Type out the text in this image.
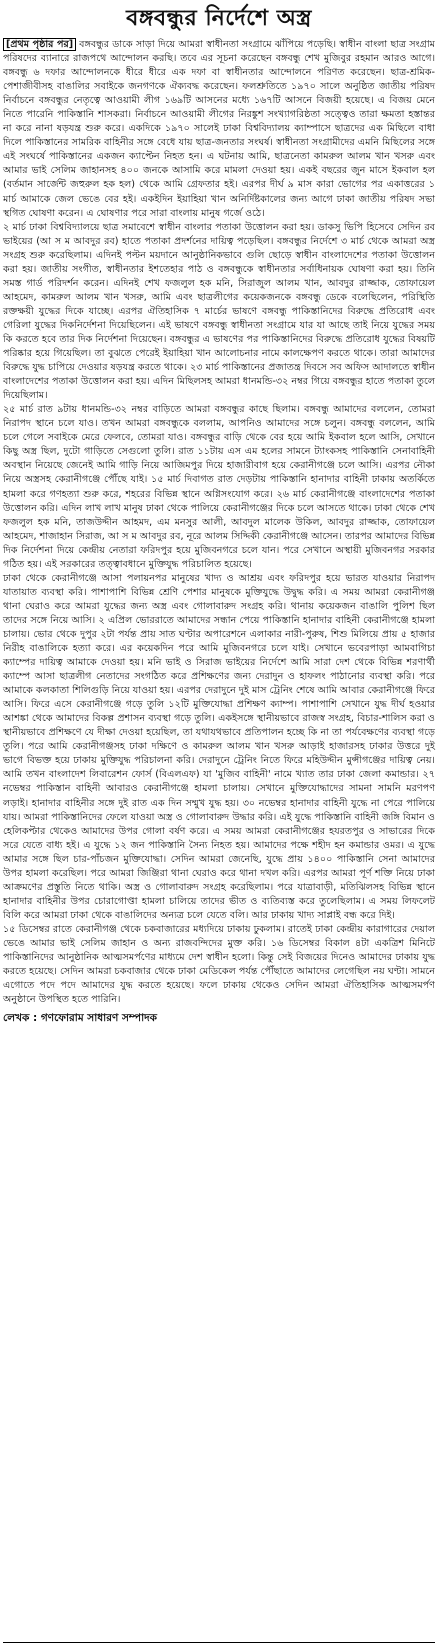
বঙ্গবন্ধুর নির্দেশে অস্ত্র

[প্রথম পৃষ্ঠার পর] বঙ্গবন্ধুর ডাকে সাড়া দিয়ে আমরা স্বাধীনতা সংগ্রামে ঝাঁপিয়ে পড়েছি। স্বাধীন বাংলা ছাত্র সংগ্রাম পরিষদের ব্যানারে রাজপথে আন্দোলন করছি। তবে এর সূচনা করেছেন বঙ্গবন্ধু শেখ মুজিবুর রহমান আরও আগে। বঙ্গবন্ধু ৬ দফার আন্দোলনকে ধীরে ধীরে এক দফা বা স্বাধীনতার আন্দোলনে পরিণত করেছেন। ছাত্র-শ্রমিক-পেশাজীবীসহ বাঙালির সবাইকে জনগণকে ঐক্যবদ্ধ করেছেন। ফলশ্রুতিতে ১৯৭০ সালে অনুষ্ঠিত জাতীয় পরিষদ নির্বাচনে বঙ্গবন্ধুর নেতৃত্বে আওয়ামী লীগ ১৬৯টি আসনের মধ্যে ১৬৭টি আসনে বিজয়ী হয়েছে। এ বিজয় মেনে নিতে পারেনি পাকিস্তানি শাসকরা। নির্বাচনে আওয়ামী লীগের নিরঙ্কুশ সংখ্যাগরিষ্ঠতা সত্ত্বেও তারা ক্ষমতা হস্তান্তর না করে নানা ষড়যন্ত্র শুরু করে। একদিকে ১৯৭০ সালেই ঢাকা বিশ্ববিদ্যালয় ক্যাম্পাসে ছাত্রদের এক মিছিলে বাধা দিলে পাকিস্তানের সামরিক বাহিনীর সঙ্গে বেধে যায় ছাত্র-জনতার সংঘর্ষ। স্বাধীনতা সংগ্রামীদের এমনি মিছিলের সঙ্গে এই সংঘর্ষে পাকিস্তানের একজন ক্যাপ্টেন নিহত হন। এ ঘটনায় আমি, ছাত্রনেতা কামরুল আলম খান খসরু এবং আমার ভাই সেলিম জাহানসহ ৪০০ জনকে আসামি করে মামলা দেওয়া হয়। একই বছরের জুন মাসে ইকবাল হল (বর্তমান সার্জেন্ট জহুরুল হক হল) থেকে আমি গ্রেফতার হই। এরপর দীর্ঘ ৯ মাস কারা ভোগের পর একাত্তরের ১ মার্চ আমাকে জেল ভেঙে বের হই। একইদিন ইয়াহিয়া খান অনির্দিষ্টকালের জন্য আগে ঢাকা জাতীয় পরিষদ সভা স্থগিত ঘোষণা করেন। এ ঘোষণার পরে সারা বাংলায় মানুষ গর্জে ওঠে।

২ মার্চ ঢাকা বিশ্ববিদ্যালয়ে ছাত্র সমাবেশে স্বাধীন বাংলার পতাকা উত্তোলন করা হয়। ডাকসু ভিপি হিসেবে সেদিন রব ভাইয়ের (আ স ম আবদুর রব) হাতে পতাকা প্রদর্শনের দায়িত্ব পড়েছিল। বঙ্গবন্ধুর নির্দেশে ৩ মার্চ থেকে আমরা অস্ত্র সংগ্রহ শুরু করেছিলাম। এদিনই পল্টন ময়দানে আনুষ্ঠানিকভাবে গুলি ছোড়ে স্বাধীন বাংলাদেশের পতাকা উত্তোলন করা হয়। জাতীয় সংগীত, স্বাধীনতার ইশতেহার পাঠ ও বঙ্গবন্ধুকে স্বাধীনতার সর্বাধিনায়ক ঘোষণা করা হয়। তিনি সমস্ত গার্ড পরিদর্শন করেন। এদিনই শেখ ফজলুল হক মনি, সিরাজুল আলম খান, আবদুর রাজ্জাক, তোফায়েল আহমেদ, কামরুল আলম খান খসরু, আমি এবং ছাত্রলীগের কয়েকজনকে বঙ্গবন্ধু ডেকে বলেছিলেন, পরিস্থিতি রক্তক্ষয়ী যুদ্ধের দিকে যাচ্ছে। এরপর ঐতিহাসিক ৭ মার্চের ভাষণে বঙ্গবন্ধু পাকিস্তানিদের বিরুদ্ধে প্রতিরোধ এবং গেরিলা যুদ্ধের দিকনির্দেশনা দিয়েছিলেন। এই ভাষণে বঙ্গবন্ধু স্বাধীনতা সংগ্রামে যার যা আছে তাই নিয়ে যুদ্ধের সময় কি করতে হবে তার দিক নির্দেশনা দিয়েছেন। বঙ্গবন্ধুর এ ভাষণের পর পাকিস্তানিদের বিরুদ্ধে প্রতিরোধ যুদ্ধের বিষয়টি পরিষ্কার হয়ে গিয়েছিল। তা বুঝতে পেরেই ইয়াহিয়া খান আলোচনার নামে কালক্ষেপণ করতে থাকে। তারা আমাদের বিরুদ্ধে যুদ্ধ চাপিয়ে দেওয়ার ষড়যন্ত্র করতে থাকে। ২৩ মার্চ পাকিস্তানের প্রজাতন্ত্র দিবসে সব অফিস আদালতে স্বাধীন বাংলাদেশের পতাকা উত্তোলন করা হয়। এদিন মিছিলসহ আমরা ধানমন্ডি-৩২ নম্বর গিয়ে বঙ্গবন্ধুর হাতে পতাকা তুলে দিয়েছিলাম।

২৫ মার্চ রাত ৯টায় ধানমন্ডি-৩২ নম্বর বাড়িতে আমরা বঙ্গবন্ধুর কাছে ছিলাম। বঙ্গবন্ধু আমাদের বললেন, তোমরা নিরাপদ স্থানে চলে যাও। তখন আমরা বঙ্গবন্ধুকে বললাম, আপনিও আমাদের সঙ্গে চলুন। বঙ্গবন্ধু বললেন, আমি চলে গেলে সবাইকে মেরে ফেলবে, তোমরা যাও। বঙ্গবন্ধুর বাড়ি থেকে বের হয়ে আমি ইকবাল হলে আসি, সেখানে কিছু অস্ত্র ছিল, দুটো গাড়িতে সেগুলো তুলি। রাত ১১টায় এস এম হলের সামনে ট্যাংকসহ পাকিস্তানি সেনাবাহিনী অবস্থান নিয়েছে জেনেই আমি গাড়ি নিয়ে আজিমপুর দিয়ে হাজারীবাগ হয়ে কেরানীগঞ্জে চলে আসি। এরপর নৌকা নিয়ে অস্ত্রসহ কেরানীগঞ্জে পৌঁছে যাই। ১৫ মার্চ দিবাগত রাত দেড়টায় পাকিস্তানি হানাদার বাহিনী ঢাকায় অতর্কিতে হামলা করে গণহত্যা শুরু করে, শহরের বিভিন্ন স্থানে অগ্নিসংযোগ করে। ২৬ মার্চ কেরানীগঞ্জে বাংলাদেশের পতাকা উত্তোলন করি। এদিন লাখ লাখ মানুষ ঢাকা থেকে পালিয়ে কেরানীগঞ্জের দিকে চলে আসতে থাকে। ঢাকা থেকে শেখ ফজলুল হক মনি, তাজউদ্দীন আহমদ, এম মনসুর আলী, আবদুল মালেক উকিল, আবদুর রাজ্জাক, তোফায়েল আহমেদ, শাজাহান সিরাজ, আ স ম আবদুর রব, নূরে আলম সিদ্দিকী কেরানীগঞ্জে আসেন। তারপর আমাদের বিভিন্ন দিক নির্দেশনা দিয়ে কেন্দ্রীয় নেতারা ফরিদপুর হয়ে মুজিবনগরে চলে যান। পরে সেখানে অস্থায়ী মুজিবনগর সরকার গঠিত হয়। এই সরকারের তত্ত্বাবধানে মুক্তিযুদ্ধ পরিচালিত হয়েছে।

ঢাকা থেকে কেরানীগঞ্জে আসা পলায়নপর মানুষের খাদ্য ও আশ্রয় এবং ফরিদপুর হয়ে ভারত যাওয়ার নিরাপদ যাতায়াত ব্যবস্থা করি। পাশাপাশি বিভিন্ন শ্রেণি পেশার মানুষকে মুক্তিযুদ্ধে উদ্বুদ্ধ করি। এ সময় আমরা কেরানীগঞ্জ থানা ঘেরাও করে আমরা যুদ্ধের জন্য অস্ত্র এবং গোলাবারুদ সংগ্রহ করি। থানায় কয়েকজন বাঙালি পুলিশ ছিল তাদের সঙ্গে নিয়ে আসি। ২ এপ্রিল ভোররাতে আমাদের সন্ধান পেয়ে পাকিস্তানি হানাদার বাহিনী কেরানীগঞ্জে হামলা চালায়। ভোর থেকে দুপুর ২টা পর্যন্ত প্রায় সাত ঘণ্টার অপারেশনে এলাকার নারী-পুরুষ, শিশু মিলিয়ে প্রায় ৫ হাজার নিরীহ বাঙালিকে হত্যা করে। এর কয়েকদিন পরে আমি মুজিবনগরে চলে যাই। সেখানে ভবেরপাড়া আমবাগিচা ক্যাম্পের দায়িত্ব আমাকে দেওয়া হয়। মনি ভাই ও সিরাজ ভাইয়ের নির্দেশে আমি সারা দেশ থেকে বিভিন্ন শরণার্থী ক্যাম্পে আসা ছাত্রলীগ নেতাদের সংগঠিত করে প্রশিক্ষণের জন্য দেরাদুন ও হাফলং পাঠানোর ব্যবস্থা করি। পরে আমাকে কলকাতা শিলিগুড়ি নিয়ে যাওয়া হয়। এরপর দেরাদুনে দুই মাস ট্রেনিং শেষে আমি আবার কেরানীগঞ্জে ফিরে আসি। ফিরে এসে কেরানীগঞ্জে গড়ে তুলি ১২টি মুক্তিযোদ্ধা প্রশিক্ষণ ক্যাম্প। পাশাপাশি সেখানে যুদ্ধ দীর্ঘ হওয়ার আশঙ্কা থেকে আমাদের বিকল্প প্রশাসন ব্যবস্থা গড়ে তুলি। একইসঙ্গে স্থানীয়ভাবে রাজস্ব সংগ্রহ, বিচার-শালিস করা ও স্থানীয়ভাবে প্রশিক্ষণে যে দীক্ষা দেওয়া হয়েছিল, তা যথাযথভাবে প্রতিপালন হচ্ছে কি না তা পর্যবেক্ষণের ব্যবস্থা গড়ে তুলি। পরে আমি কেরানীগঞ্জসহ ঢাকা দক্ষিণে ও কামরুল আলম খান খসরু আড়াই হাজারসহ ঢাকার উত্তরে দুই ভাগে বিভক্ত হয়ে ঢাকায় মুক্তিযুদ্ধ পরিচালনা করি। দেরাদুনে ট্রেনিং নিতে ফিরে মহিউদ্দীন মুন্সীগঞ্জের দায়িত্ব নেয়। আমি তখন বাংলাদেশ লিবারেশন ফোর্স (বিএলএফ) যা 'মুজিব বাহিনী' নামে খ্যাত তার ঢাকা জেলা কমান্ডার। ২৭ নভেম্বর পাকিস্তান বাহিনী আবারও কেরানীগঞ্জে হামলা চালায়। সেখানে মুক্তিযোদ্ধাদের সামনা সামনি মরণপণ লড়াই। হানাদার বাহিনীর সঙ্গে দুই রাত এক দিন সম্মুখ যুদ্ধ হয়। ৩০ নভেম্বর হানাদার বাহিনী যুদ্ধে না পেরে পালিয়ে যায়। আমরা পাকিস্তানিদের ফেলে যাওয়া অস্ত্র ও গোলাবারুদ উদ্ধার করি। এই যুদ্ধে পাকিস্তানি বাহিনী জঙ্গি বিমান ও হেলিকপ্টার থেকেও আমাদের উপর গোলা বর্ষণ করে। এ সময় আমরা কেরানীগঞ্জের হযরতপুর ও সাভারের দিকে সরে যেতে বাধ্য হই। এ যুদ্ধে ১২ জন পাকিস্তানি সৈন্য নিহত হয়। আমাদের পক্ষে শহীদ হন কমান্ডার ওমর। এ যুদ্ধে আমার সঙ্গে ছিল চার-পাঁচজন মুক্তিযোদ্ধা। সেদিন আমরা জেনেছি, যুদ্ধে প্রায় ১৪০০ পাকিস্তানি সেনা আমাদের উপর হামলা করেছিল। পরে আমরা জিঞ্জিরা থানা ঘেরাও করে থানা দখল করি। এরপর আমরা পূর্ণ শক্তি নিয়ে ঢাকা আক্রমণের প্রস্তুতি নিতে থাকি। অস্ত্র ও গোলাবারুদ সংগ্রহ করেছিলাম। পরে যাত্রাবাড়ী, মতিঝিলসহ বিভিন্ন স্থানে হানাদার বাহিনীর উপর চোরাগোপ্তা হামলা চালিয়ে তাদের ভীত ও ব্যতিব্যস্ত করে তুলেছিলাম। এ সময় লিফলেট বিলি করে আমরা ঢাকা থেকে বাঙালিদের অন্যত্র চলে যেতে বলি। আর ঢাকায় খাদ্য সাপ্লাই বন্ধ করে দিই।

১৫ ডিসেম্বর রাতে কেরানীগঞ্জ থেকে চকবাজারের মধ্যদিয়ে ঢাকায় ঢুকলাম। রাতেই ঢাকা কেন্দ্রীয় কারাগারের দেয়াল ভেঙে আমার ভাই সেলিম জাহান ও অন্য রাজবন্দিদের মুক্ত করি। ১৬ ডিসেম্বর বিকাল ৪টা একত্রিশ মিনিটে পাকিস্তানিদের আনুষ্ঠানিক আত্মসমর্পণের মাধ্যমে দেশ স্বাধীন হলো। কিন্তু সেই বিজয়ের দিনেও আমাদের ঢাকায় যুদ্ধ করতে হয়েছে। সেদিন আমরা চকবাজার থেকে ঢাকা মেডিকেল পর্যন্ত পৌঁছাতে আমাদের লেগেছিল নয় ঘণ্টা। সামনে এগোতে পদে পদে আমাদের যুদ্ধ করতে হয়েছে। ফলে ঢাকায় থেকেও সেদিন আমরা ঐতিহাসিক আত্মসমর্পণ অনুষ্ঠানে উপস্থিত হতে পারিনি।

লেখক : গণফোরাম সাধারণ সম্পাদক
